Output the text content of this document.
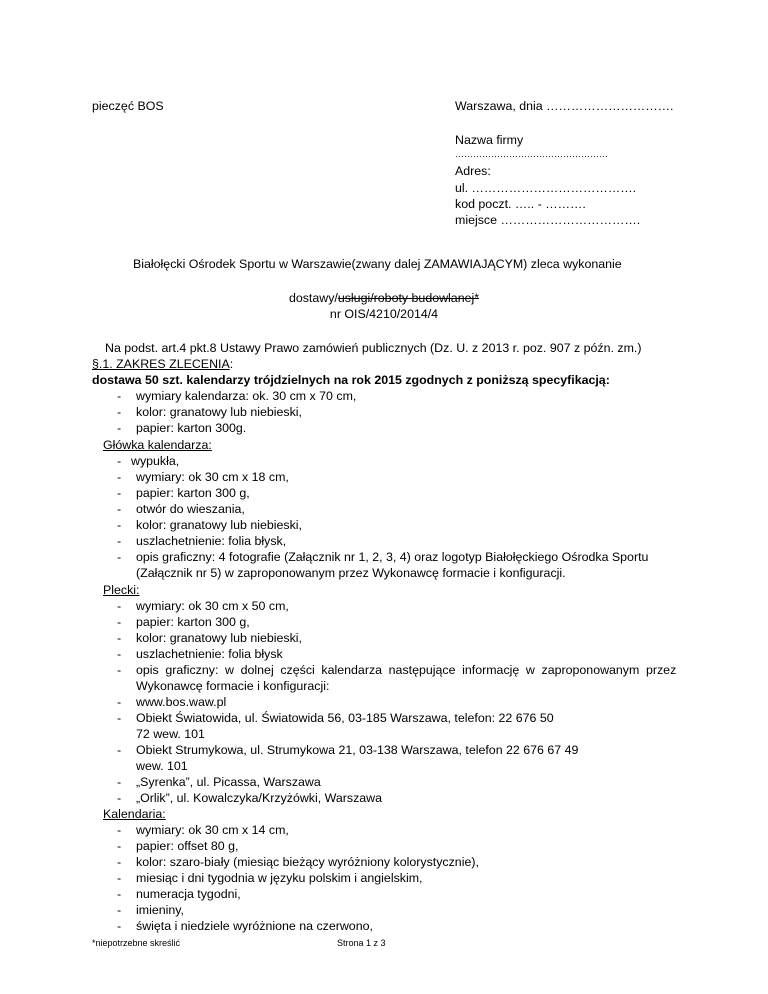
pieczęć BOS	Warszawa, dnia ………………………….
Nazwa firmy
……………………………………………
Adres:
ul. ………………………………….
kod poczt. ….. - ……….
miejsce …………………………….
Białołęcki Ośrodek Sportu w Warszawie(zwany dalej ZAMAWIAJĄCYM) zleca wykonanie
dostawy/usługi/roboty budowlanej*
nr OIS/4210/2014/4
Na podst. art.4 pkt.8 Ustawy Prawo zamówień publicznych (Dz. U. z 2013 r. poz. 907 z późn. zm.)
§.1. ZAKRES ZLECENIA:
dostawa 50 szt. kalendarzy trójdzielnych na rok 2015 zgodnych z poniższą specyfikacją:
- wymiary kalendarza: ok. 30 cm x 70 cm,
- kolor: granatowy lub niebieski,
- papier: karton 300g.
Główka kalendarza:
- wypukła,
- wymiary: ok 30 cm x 18 cm,
- papier: karton 300 g,
- otwór do wieszania,
- kolor: granatowy lub niebieski,
- uszlachetnienie: folia błysk,
- opis graficzny: 4 fotografie (Załącznik nr 1, 2, 3, 4) oraz logotyp Białołęckiego Ośrodka Sportu
(Załącznik nr 5) w zaproponowanym przez Wykonawcę formacie i konfiguracji.
Plecki:
- wymiary: ok 30 cm x 50 cm,
- papier: karton 300 g,
- kolor: granatowy lub niebieski,
- uszlachetnienie: folia błysk
- opis graficzny: w dolnej części kalendarza następujące informację w zaproponowanym przez
Wykonawcę formacie i konfiguracji:
- www.bos.waw.pl
- Obiekt Światowida, ul. Światowida 56, 03-185 Warszawa, telefon: 22 676 50
72 wew. 101
- Obiekt Strumykowa, ul. Strumykowa 21, 03-138 Warszawa, telefon 22 676 67 49
wew. 101
- „Syrenka”, ul. Picassa, Warszawa
- „Orlik”, ul. Kowalczyka/Krzyżówki, Warszawa
Kalendaria:
- wymiary: ok 30 cm x 14 cm,
- papier: offset 80 g,
- kolor: szaro-biały (miesiąc bieżący wyróżniony kolorystycznie),
- miesiąc i dni tygodnia w języku polskim i angielskim,
- numeracja tygodni,
- imieniny,
- święta i niedziele wyróżnione na czerwono,
*niepotrzebne skreślić	Strona 1 z 3
